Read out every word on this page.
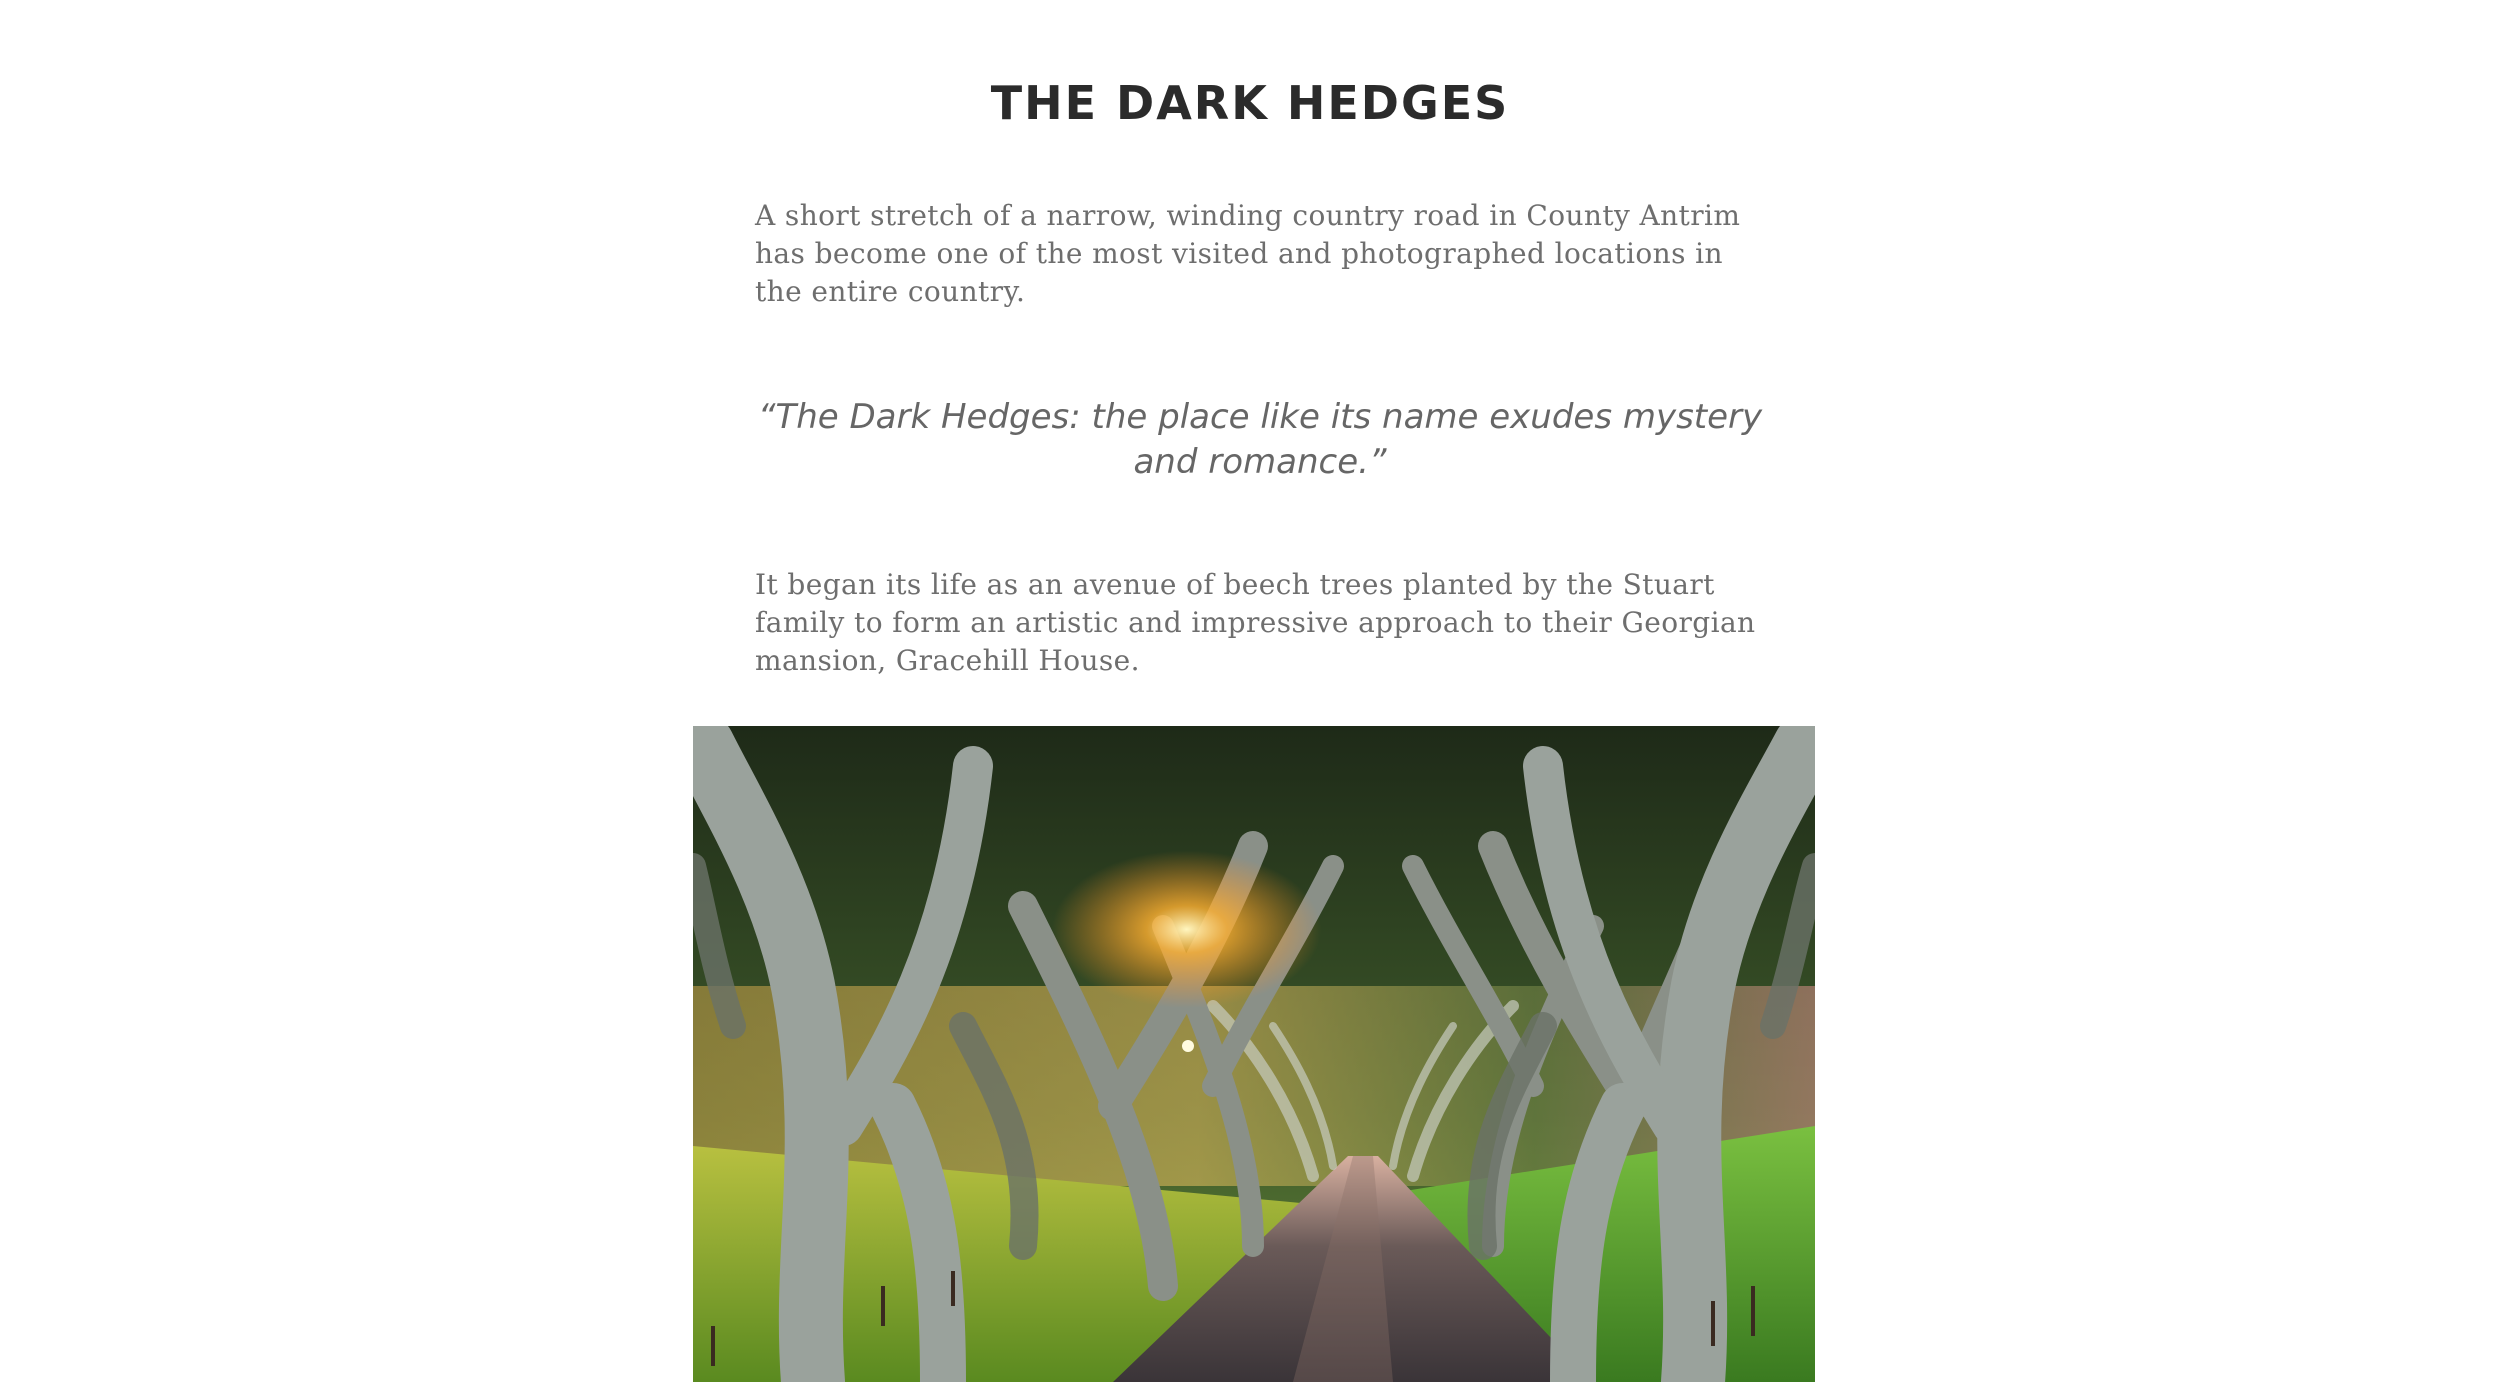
THE DARK HEDGES

A short stretch of a narrow, winding country road in County Antrim has become one of the most visited and photographed locations in the entire country.

“The Dark Hedges: the place like its name exudes mystery and romance.”

It began its life as an avenue of beech trees planted by the Stuart family to form an artistic and impressive approach to their Georgian mansion, Gracehill House.
